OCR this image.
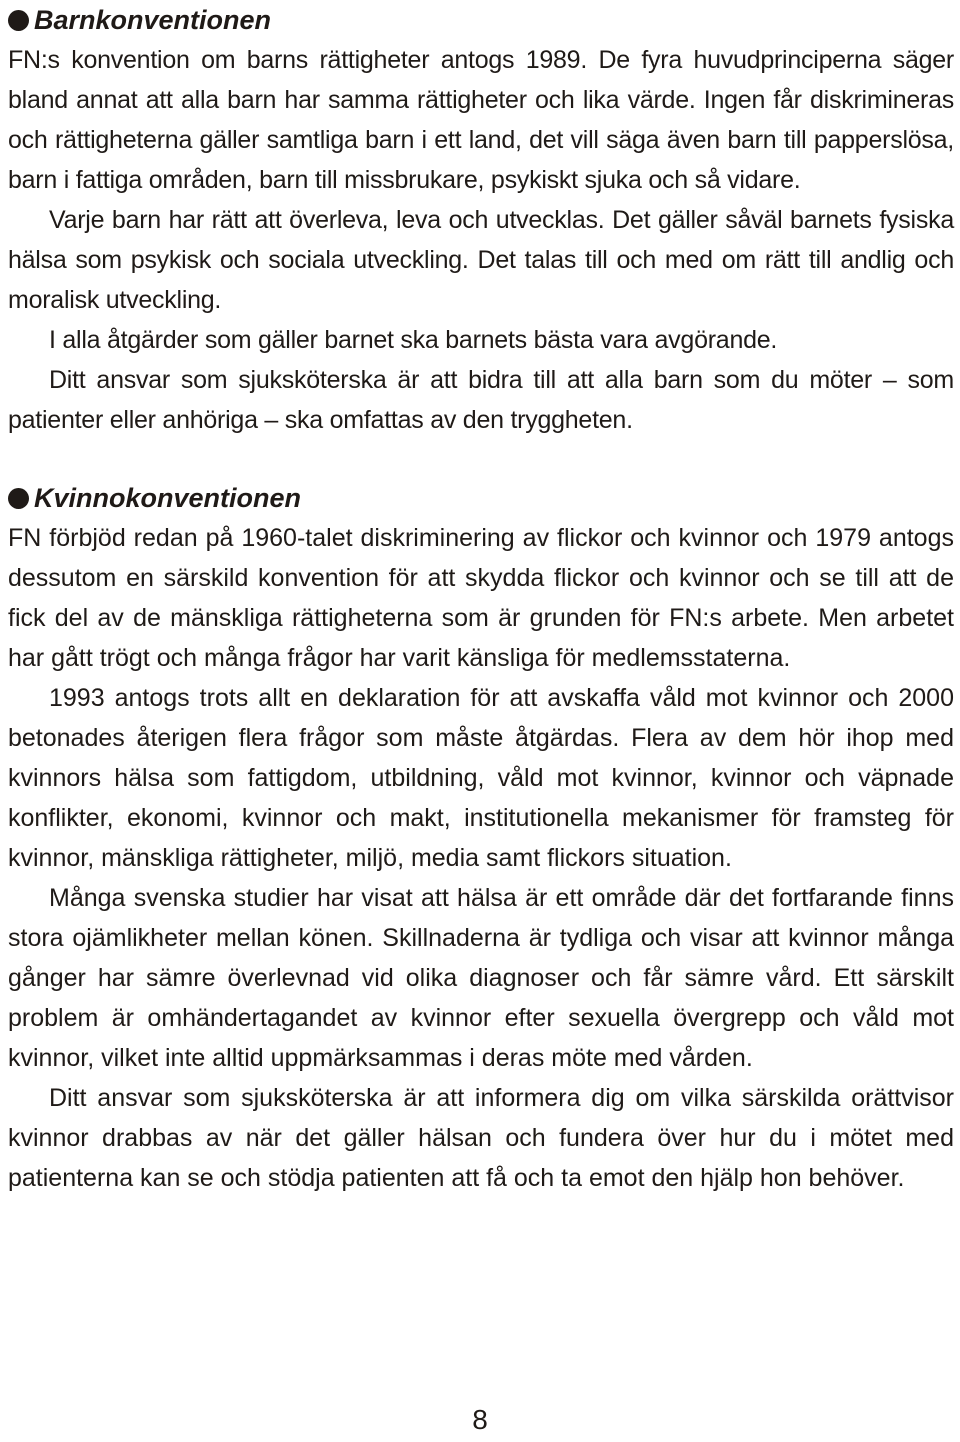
Barnkonventionen

FN:s konvention om barns rättigheter antogs 1989. De fyra huvudprinciperna säger bland annat att alla barn har samma rättigheter och lika värde. Ingen får diskrimineras och rättigheterna gäller samtliga barn i ett land, det vill säga även barn till papperslösa, barn i fattiga områden, barn till missbrukare, psykiskt sjuka och så vidare.

Varje barn har rätt att överleva, leva och utvecklas. Det gäller såväl barnets fysiska hälsa som psykisk och sociala utveckling. Det talas till och med om rätt till andlig och moralisk utveckling.

I alla åtgärder som gäller barnet ska barnets bästa vara avgörande.

Ditt ansvar som sjuksköterska är att bidra till att alla barn som du möter – som patienter eller anhöriga – ska omfattas av den tryggheten.

Kvinnokonventionen

FN förbjöd redan på 1960-talet diskriminering av flickor och kvinnor och 1979 antogs dessutom en särskild konvention för att skydda flickor och kvinnor och se till att de fick del av de mänskliga rättigheterna som är grunden för FN:s arbete. Men arbetet har gått trögt och många frågor har varit känsliga för medlemsstaterna.

1993 antogs trots allt en deklaration för att avskaffa våld mot kvinnor och 2000 betonades återigen flera frågor som måste åtgärdas. Flera av dem hör ihop med kvinnors hälsa som fattigdom, utbildning, våld mot kvinnor, kvinnor och väpnade konflikter, ekonomi, kvinnor och makt, institutionella mekanismer för framsteg för kvinnor, mänskliga rättigheter, miljö, media samt flickors situation.

Många svenska studier har visat att hälsa är ett område där det fortfarande finns stora ojämlikheter mellan könen. Skillnaderna är tydliga och visar att kvinnor många gånger har sämre överlevnad vid olika diagnoser och får sämre vård. Ett särskilt problem är omhändertagandet av kvinnor efter sexuella övergrepp och våld mot kvinnor, vilket inte alltid uppmärksammas i deras möte med vården.

Ditt ansvar som sjuksköterska är att informera dig om vilka särskilda orättvisor kvinnor drabbas av när det gäller hälsan och fundera över hur du i mötet med patienterna kan se och stödja patienten att få och ta emot den hjälp hon behöver.

8
